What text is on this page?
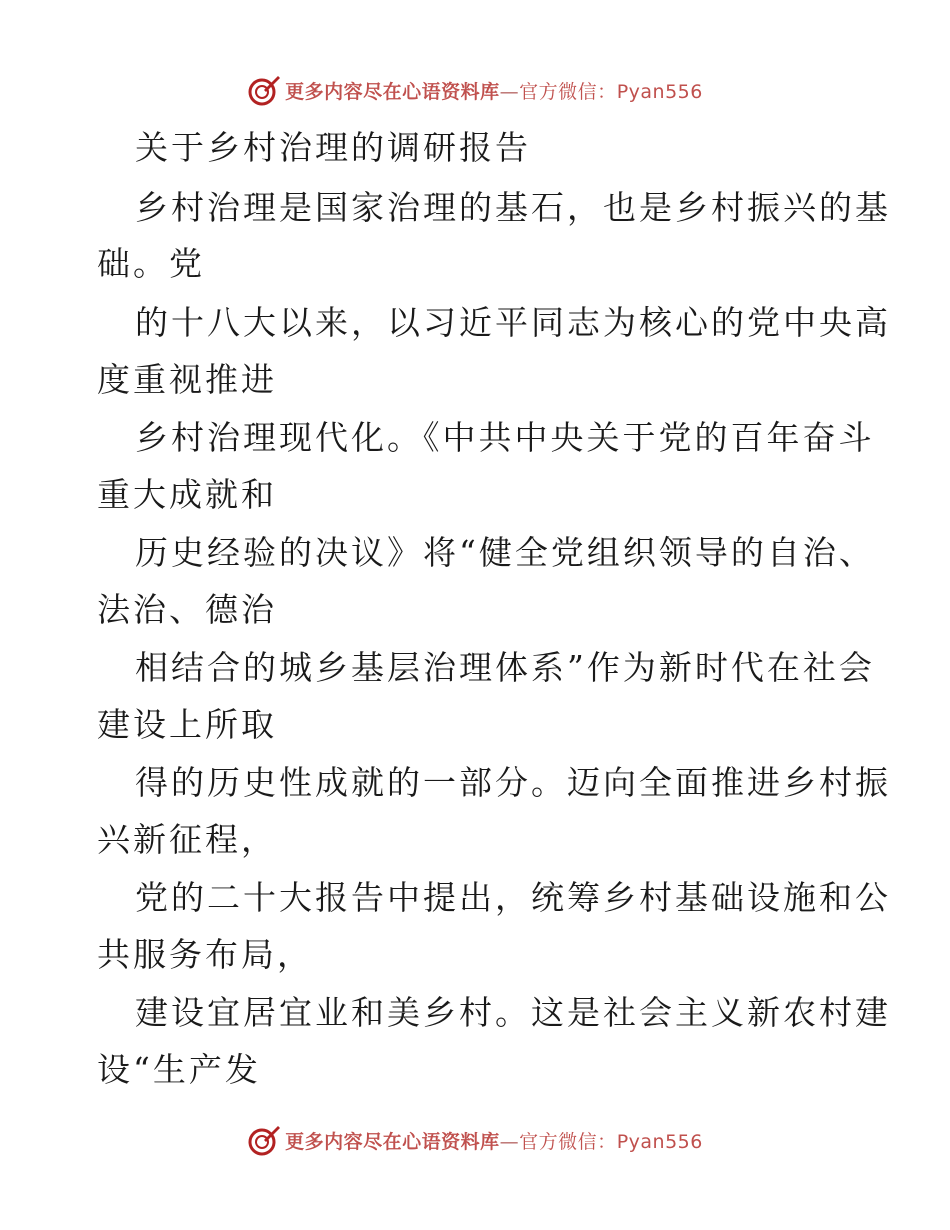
更多内容尽在心语资料库—官方微信：Pyan556
关于乡村治理的调研报告
乡村治理是国家治理的基石，也是乡村振兴的基
础。党
的十八大以来，以习近平同志为核心的党中央高
度重视推进
乡村治理现代化。《中共中央关于党的百年奋斗
重大成就和
历史经验的决议》将“健全党组织领导的自治、
法治、德治
相结合的城乡基层治理体系”作为新时代在社会
建设上所取
得的历史性成就的一部分。迈向全面推进乡村振
兴新征程，
党的二十大报告中提出，统筹乡村基础设施和公
共服务布局，
建设宜居宜业和美乡村。这是社会主义新农村建
设“生产发
更多内容尽在心语资料库—官方微信：Pyan556
